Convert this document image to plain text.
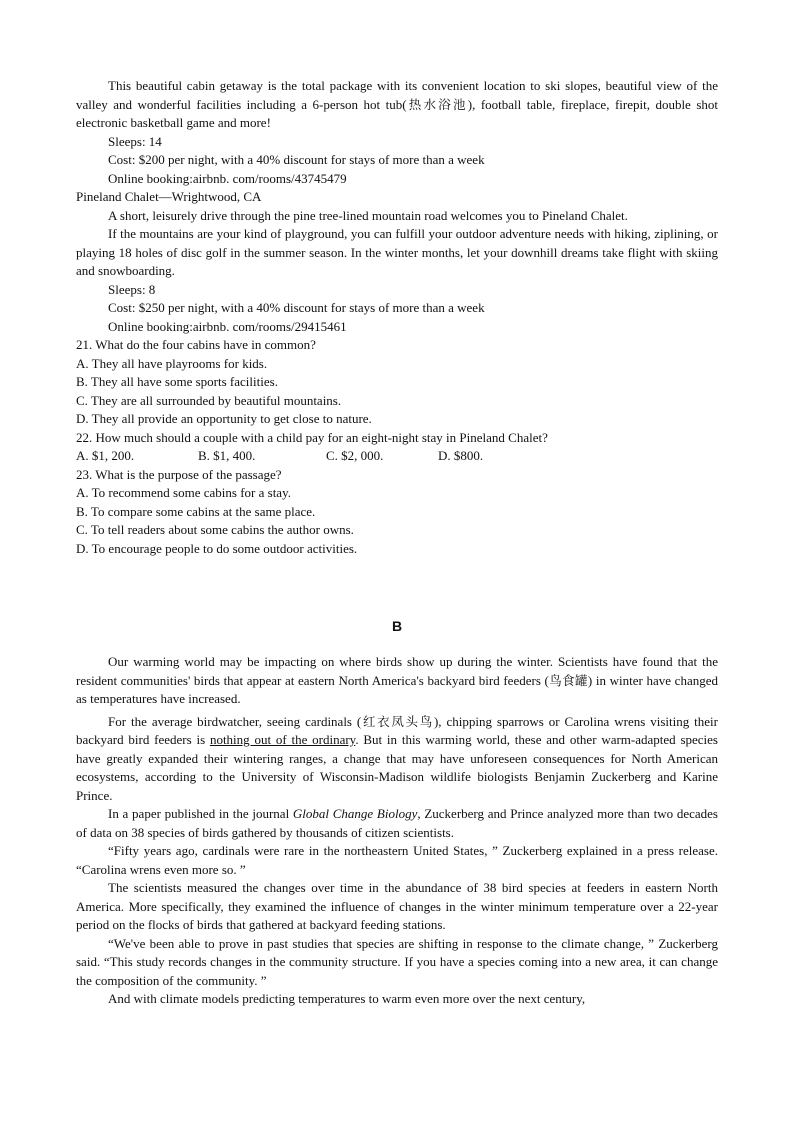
This beautiful cabin getaway is the total package with its convenient location to ski slopes, beautiful view of the valley and wonderful facilities including a 6-person hot tub(热水浴池), football table, fireplace, firepit, double shot electronic basketball game and more!

Sleeps: 14

Cost: $200 per night, with a 40% discount for stays of more than a week

Online booking:airbnb. com/rooms/43745479

Pineland Chalet—Wrightwood, CA

A short, leisurely drive through the pine tree-lined mountain road welcomes you to Pineland Chalet.

If the mountains are your kind of playground, you can fulfill your outdoor adventure needs with hiking, ziplining, or playing 18 holes of disc golf in the summer season. In the winter months, let your downhill dreams take flight with skiing and snowboarding.

Sleeps: 8

Cost: $250 per night, with a 40% discount for stays of more than a week

Online booking:airbnb. com/rooms/29415461

21. What do the four cabins have in common?

A. They all have playrooms for kids.

B. They all have some sports facilities.

C. They are all surrounded by beautiful mountains.

D. They all provide an opportunity to get close to nature.

22. How much should a couple with a child pay for an eight-night stay in Pineland Chalet?

A. $1, 200.	B. $1, 400.	C. $2, 000.	D. $800.

23. What is the purpose of the passage?

A. To recommend some cabins for a stay.

B. To compare some cabins at the same place.

C. To tell readers about some cabins the author owns.

D. To encourage people to do some outdoor activities.

B

Our warming world may be impacting on where birds show up during the winter. Scientists have found that the resident communities' birds that appear at eastern North America's backyard bird feeders (鸟食罐) in winter have changed as temperatures have increased.

For the average birdwatcher, seeing cardinals (红衣凤头鸟), chipping sparrows or Carolina wrens visiting their backyard bird feeders is nothing out of the ordinary. But in this warming world, these and other warm-adapted species have greatly expanded their wintering ranges, a change that may have unforeseen consequences for North American ecosystems, according to the University of Wisconsin-Madison wildlife biologists Benjamin Zuckerberg and Karine Prince.

In a paper published in the journal Global Change Biology, Zuckerberg and Prince analyzed more than two decades of data on 38 species of birds gathered by thousands of citizen scientists.

“Fifty years ago, cardinals were rare in the northeastern United States, ” Zuckerberg explained in a press release. “Carolina wrens even more so. ”

The scientists measured the changes over time in the abundance of 38 bird species at feeders in eastern North America. More specifically, they examined the influence of changes in the winter minimum temperature over a 22-year period on the flocks of birds that gathered at backyard feeding stations.

“We've been able to prove in past studies that species are shifting in response to the climate change, ” Zuckerberg said. “This study records changes in the community structure. If you have a species coming into a new area, it can change the composition of the community. ”

And with climate models predicting temperatures to warm even more over the next century,
